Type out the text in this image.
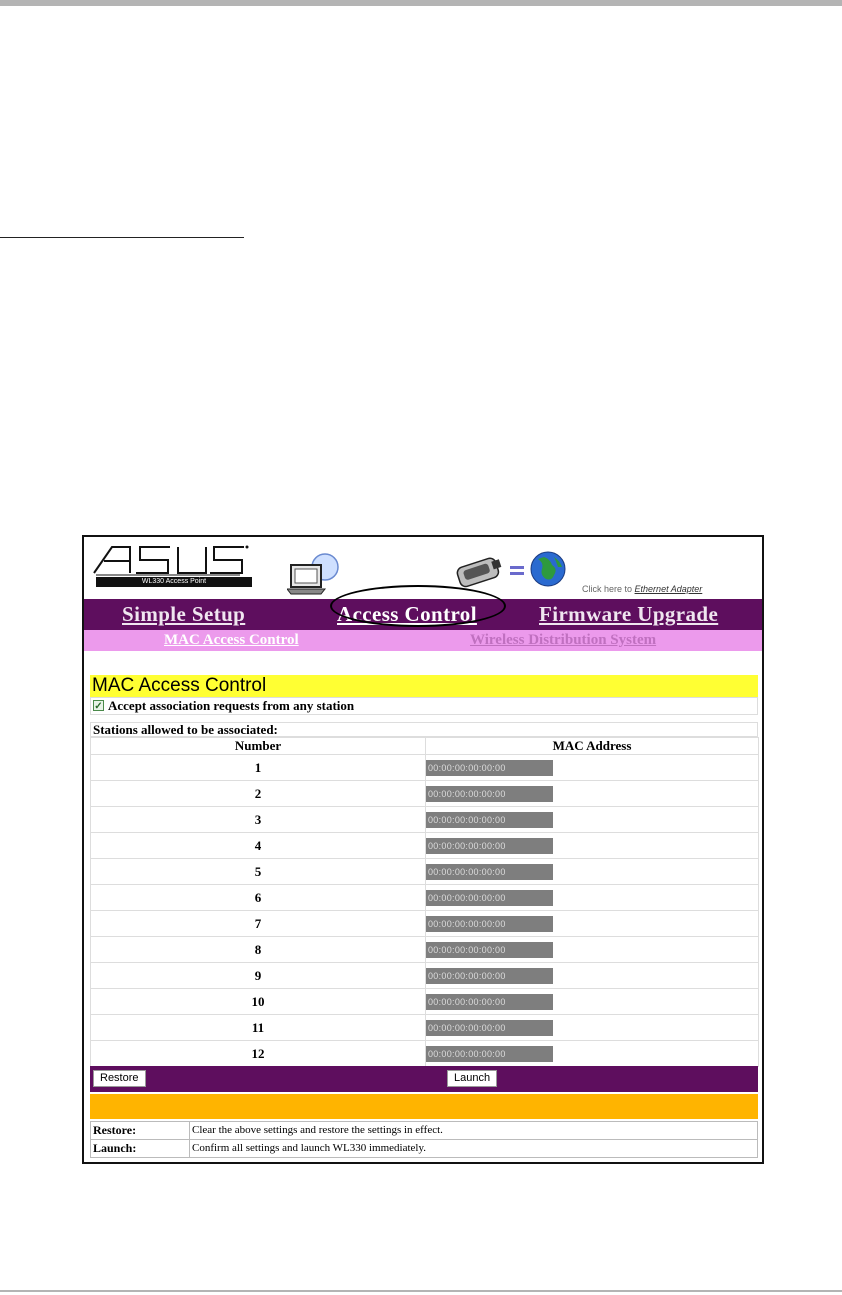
WL330 Access Point
Click here to Ethernet Adapter
Simple Setup	Access Control	Firmware Upgrade
MAC Access Control	Wireless Distribution System
MAC Access Control
✓ Accept association requests from any station
Stations allowed to be associated:
Number	MAC Address
1	00:00:00:00:00:00

2	00:00:00:00:00:00

3	00:00:00:00:00:00

4	00:00:00:00:00:00

5	00:00:00:00:00:00

6	00:00:00:00:00:00

7	00:00:00:00:00:00

8	00:00:00:00:00:00

9	00:00:00:00:00:00

10	00:00:00:00:00:00

11	00:00:00:00:00:00

12	00:00:00:00:00:00
Restore	Launch
Restore:	Clear the above settings and restore the settings in effect.
Launch:	Confirm all settings and launch WL330 immediately.
